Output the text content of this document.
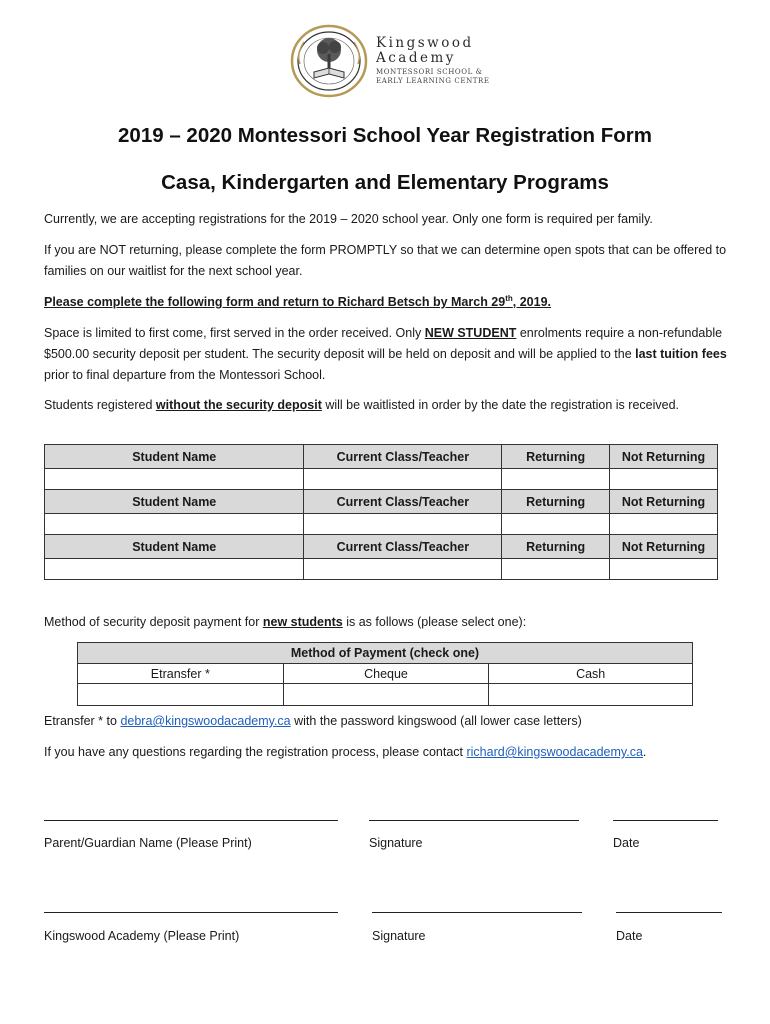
Kingswood
Academy
MONTESSORI SCHOOL &
EARLY LEARNING CENTRE
2019 – 2020 Montessori School Year Registration Form
Casa, Kindergarten and Elementary Programs
Currently, we are accepting registrations for the 2019 – 2020 school year. Only one form is required per family.
If you are NOT returning, please complete the form PROMPTLY so that we can determine open spots that can be offered to families on our waitlist for the next school year.
Please complete the following form and return to Richard Betsch by March 29th, 2019.
Space is limited to first come, first served in the order received. Only NEW STUDENT enrolments require a non-refundable $500.00 security deposit per student. The security deposit will be held on deposit and will be applied to the last tuition fees prior to final departure from the Montessori School.
Students registered without the security deposit will be waitlisted in order by the date the registration is received.
Student Name	Current Class/Teacher	Returning	Not Returning

Student Name	Current Class/Teacher	Returning	Not Returning

Student Name	Current Class/Teacher	Returning	Not Returning

Method of security deposit payment for new students is as follows (please select one):
Method of Payment (check one)		
Etransfer *	Cheque	Cash

Etransfer * to debra@kingswoodacademy.ca with the password kingswood (all lower case letters)
If you have any questions regarding the registration process, please contact richard@kingswoodacademy.ca.
Parent/Guardian Name (Please Print)	Signature	Date
Kingswood Academy (Please Print)	Signature	Date
